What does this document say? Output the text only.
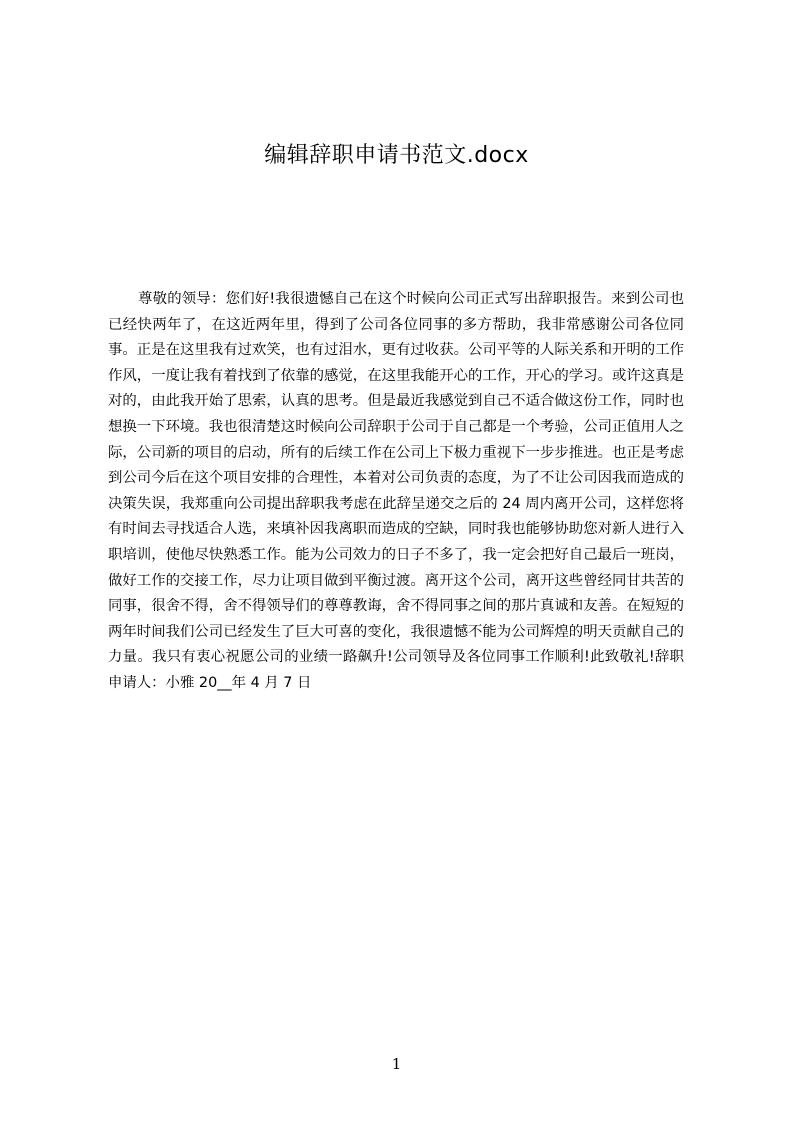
编辑辞职申请书范文.docx

尊敬的领导：您们好!我很遗憾自己在这个时候向公司正式写出辞职报告。来到公司也已经快两年了，在这近两年里，得到了公司各位同事的多方帮助，我非常感谢公司各位同事。正是在这里我有过欢笑，也有过泪水，更有过收获。公司平等的人际关系和开明的工作作风，一度让我有着找到了依靠的感觉，在这里我能开心的工作，开心的学习。或许这真是对的，由此我开始了思索，认真的思考。但是最近我感觉到自己不适合做这份工作，同时也想换一下环境。我也很清楚这时候向公司辞职于公司于自己都是一个考验，公司正值用人之际，公司新的项目的启动，所有的后续工作在公司上下极力重视下一步步推进。也正是考虑到公司今后在这个项目安排的合理性，本着对公司负责的态度，为了不让公司因我而造成的决策失误，我郑重向公司提出辞职我考虑在此辞呈递交之后的 24 周内离开公司，这样您将有时间去寻找适合人选，来填补因我离职而造成的空缺，同时我也能够协助您对新人进行入职培训，使他尽快熟悉工作。能为公司效力的日子不多了，我一定会把好自己最后一班岗，做好工作的交接工作，尽力让项目做到平衡过渡。离开这个公司，离开这些曾经同甘共苦的同事，很舍不得，舍不得领导们的尊尊教诲，舍不得同事之间的那片真诚和友善。在短短的两年时间我们公司已经发生了巨大可喜的变化，我很遗憾不能为公司辉煌的明天贡献自己的力量。我只有衷心祝愿公司的业绩一路飙升!公司领导及各位同事工作顺利!此致敬礼!辞职申请人：小雅 20__年 4 月 7 日

1
